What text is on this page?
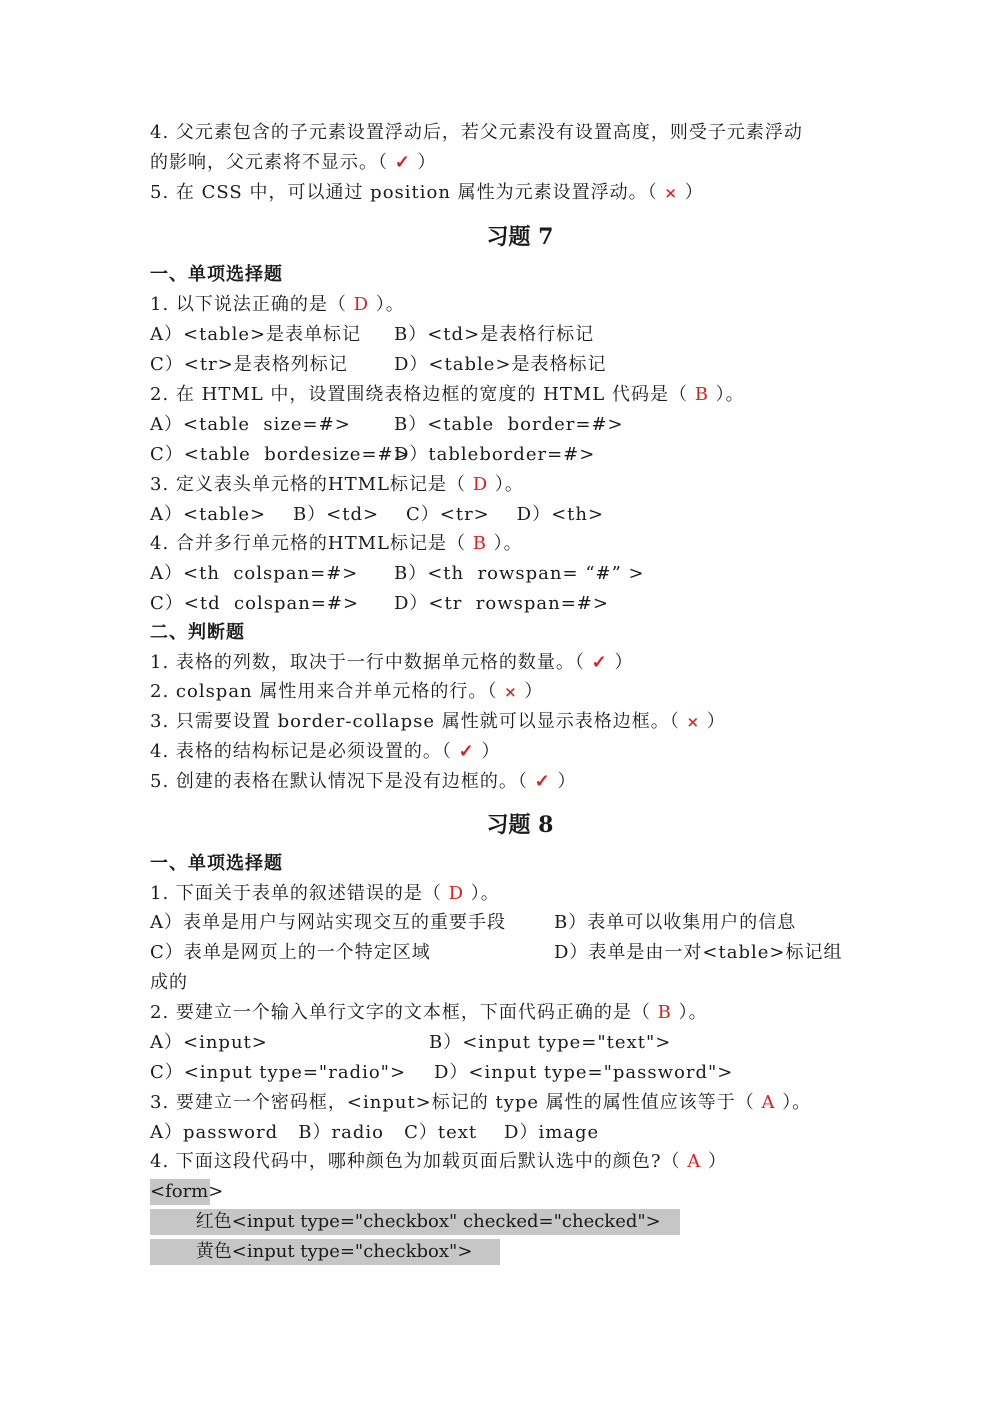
4. 父元素包含的子元素设置浮动后，若父元素没有设置高度，则受子元素浮动
的影响，父元素将不显示。（ ✓ ）
5. 在 CSS 中，可以通过 position 属性为元素设置浮动。（ × ）
习题 7
一、单项选择题
1. 以下说法正确的是（ D ）。
A）<table>是表单标记 B）<td>是表格行标记
C）<tr>是表格列标记	D）<table>是表格标记
2. 在 HTML 中，设置围绕表格边框的宽度的 HTML 代码是（ B ）。
A）<table  size=#> B）<table  border=#>
C）<table  bordesize=#>
D）tableborder=#>
3. 定义表头单元格的HTML标记是（ D ）。
A）<table>    B）<td>    C）<tr>    D）<th>
4. 合并多行单元格的HTML标记是（ B ）。
A）<th  colspan=#> B）<th  rowspan= “#” >
C）<td  colspan=#> D）<tr  rowspan=#>
二、判断题
1. 表格的列数，取决于一行中数据单元格的数量。（ ✓ ）
2. colspan 属性用来合并单元格的行。（ × ）
3. 只需要设置 border-collapse 属性就可以显示表格边框。（ × ）
4. 表格的结构标记是必须设置的。（ ✓ ）
5. 创建的表格在默认情况下是没有边框的。（ ✓ ）
习题 8
一、单项选择题
1. 下面关于表单的叙述错误的是（ D ）。
A）表单是用户与网站实现交互的重要手段	B）表单可以收集用户的信息
C）表单是网页上的一个特定区域	D）表单是由一对<table>标记组
成的
2. 要建立一个输入单行文字的文本框，下面代码正确的是（ B ）。
A）<input>	B）<input type="text">
C）<input type="radio"> D）<input type="password">
3. 要建立一个密码框，<input>标记的 type 属性的属性值应该等于（ A ）。
A）password   B）radio   C）text    D）image
4. 下面这段代码中，哪种颜色为加载页面后默认选中的颜色?（ A ）
<form>
红色<input type="checkbox" checked="checked">
黄色<input type="checkbox">
